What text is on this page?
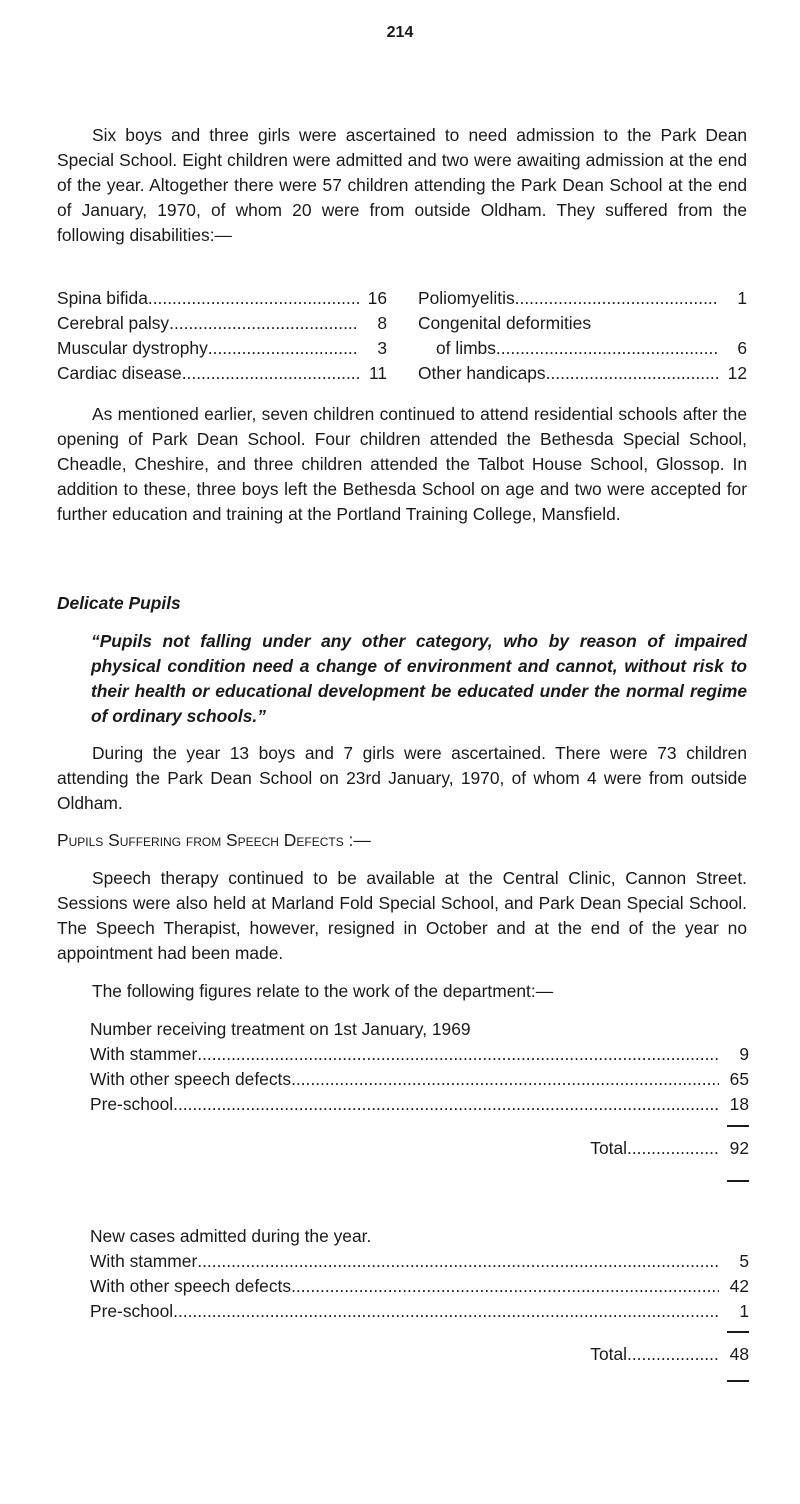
214

Six boys and three girls were ascertained to need admission to the Park Dean Special School. Eight children were admitted and two were awaiting admission at the end of the year. Altogether there were 57 children attending the Park Dean School at the end of January, 1970, of whom 20 were from outside Oldham. They suffered from the following disabilities:—

Spina bifida .....	16
Cerebral palsy .....	8
Muscular dystrophy .....	3
Cardiac disease .....	11
Poliomyelitis .....	1
Congenital deformities
of limbs .....	6
Other handicaps .....	12

As mentioned earlier, seven children continued to attend residential schools after the opening of Park Dean School. Four children attended the Bethesda Special School, Cheadle, Cheshire, and three children attended the Talbot House School, Glossop. In addition to these, three boys left the Bethesda School on age and two were accepted for further education and training at the Portland Training College, Mansfield.

Delicate Pupils

“Pupils not falling under any other category, who by reason of impaired physical condition need a change of environment and cannot, without risk to their health or educational development be educated under the normal regime of ordinary schools.”

During the year 13 boys and 7 girls were ascertained. There were 73 children attending the Park Dean School on 23rd January, 1970, of whom 4 were from outside Oldham.

Pupils Suffering from Speech Defects :—

Speech therapy continued to be available at the Central Clinic, Cannon Street. Sessions were also held at Marland Fold Special School, and Park Dean Special School. The Speech Therapist, however, resigned in October and at the end of the year no appointment had been made.

The following figures relate to the work of the department:—

Number receiving treatment on 1st January, 1969
With stammer .....	9
With other speech defects .....	65
Pre-school .....	18
Total .....	92
New cases admitted during the year.
With stammer .....	5
With other speech defects .....	42
Pre-school .....	1
Total .....	48
